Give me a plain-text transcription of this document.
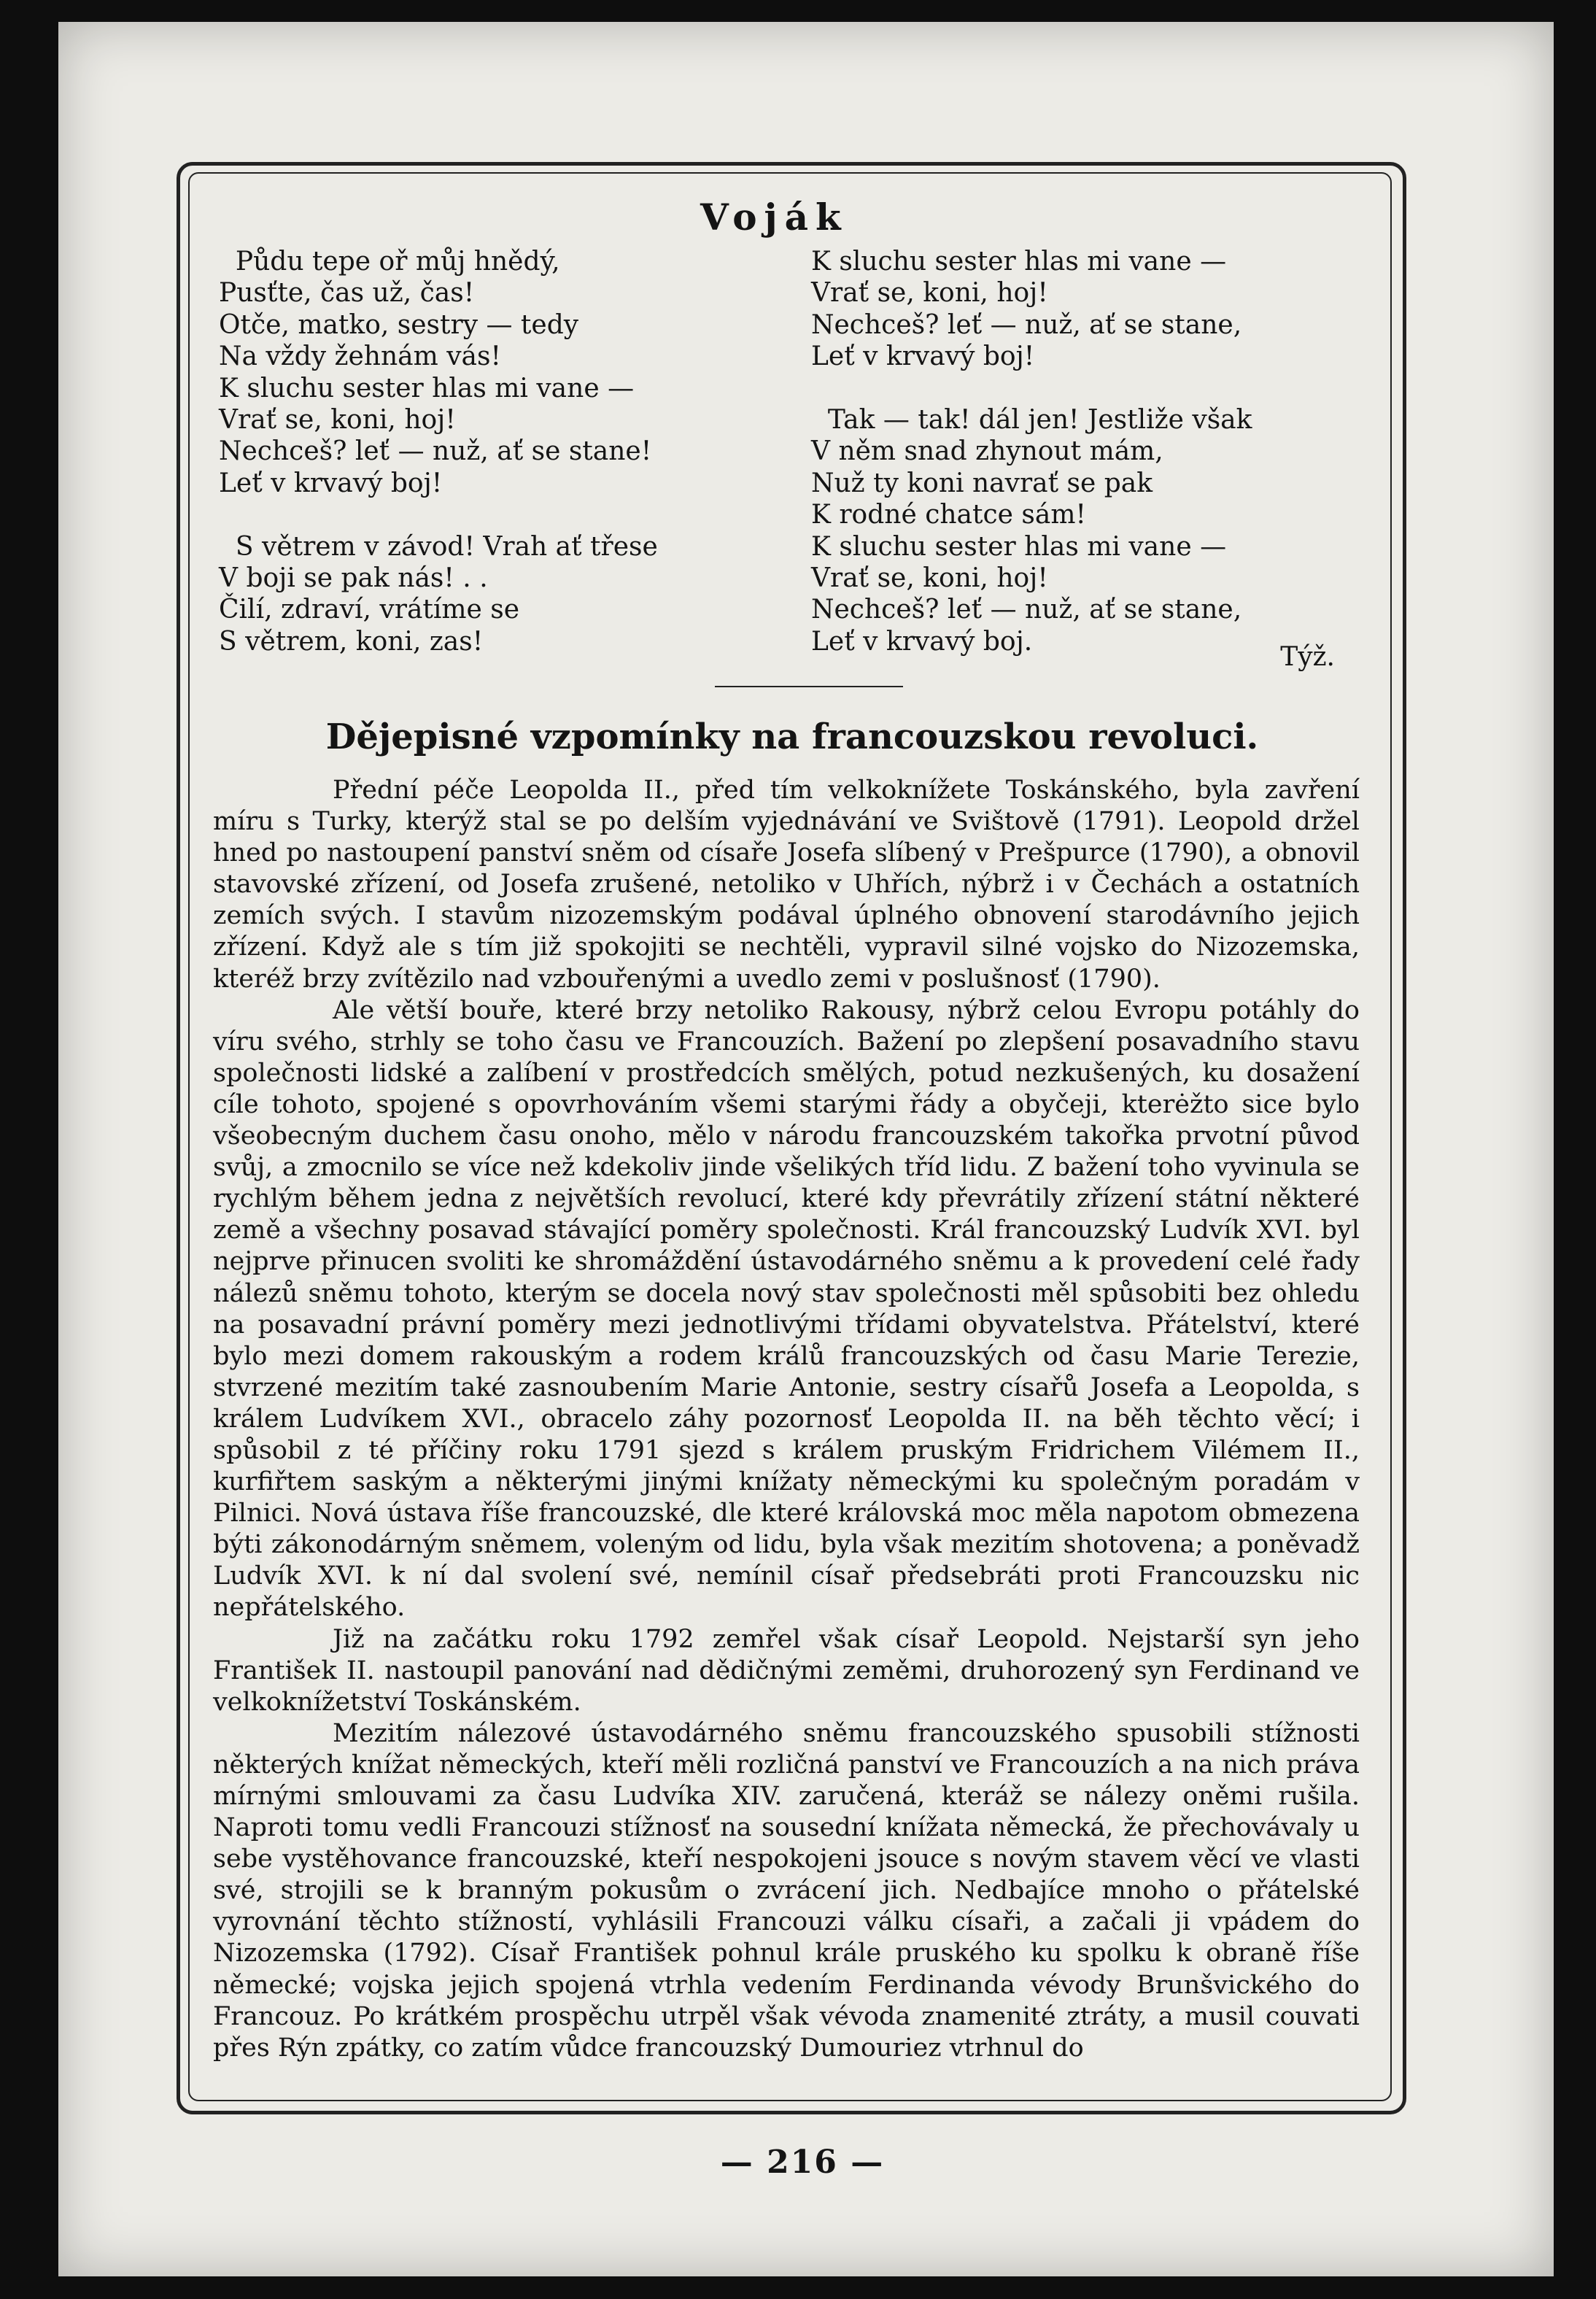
Voják
Půdu tepe oř můj hnědý,
Pusťte, čas už, čas!
Otče, matko, sestry — tedy
Na vždy žehnám vás!
K sluchu sester hlas mi vane —
Vrať se, koni, hoj!
Nechceš? leť — nuž, ať se stane!
Leť v krvavý boj!
S větrem v závod! Vrah ať třese
V boji se pak nás! . .
Čilí, zdraví, vrátíme se
S větrem, koni, zas!
K sluchu sester hlas mi vane —
Vrať se, koni, hoj!
Nechceš? leť — nuž, ať se stane,
Leť v krvavý boj!
Tak — tak! dál jen! Jestliže však
V něm snad zhynout mám,
Nuž ty koni navrať se pak
K rodné chatce sám!
K sluchu sester hlas mi vane —
Vrať se, koni, hoj!
Nechceš? leť — nuž, ať se stane,
Leť v krvavý boj.
Týž.
Dějepisné vzpomínky na francouzskou revoluci.

Přední péče Leopolda II., před tím velkoknížete Toskánského, byla zavření míru s Turky, kterýž stal se po delším vyjednávání ve Svištově (1791). Leopold držel hned po nastoupení panství sněm od císaře Josefa slíbený v Prešpurce (1790), a obnovil stavovské zřízení, od Josefa zrušené, netoliko v Uhřích, nýbrž i v Čechách a ostatních zemích svých. I stavům nizozemským podával úplného obnovení starodávního jejich zřízení. Když ale s tím již spokojiti se nechtěli, vypravil silné vojsko do Nizozemska, kteréž brzy zvítězilo nad vzbouřenými a uvedlo zemi v poslušnosť (1790).

Ale větší bouře, které brzy netoliko Rakousy, nýbrž celou Evropu potáhly do víru svého, strhly se toho času ve Francouzích. Bažení po zlepšení posavadního stavu společnosti lidské a zalíbení v prostředcích smělých, potud nezkušených, ku dosažení cíle tohoto, spojené s opovrhováním všemi starými řády a obyčeji, kterėžto sice bylo všeobecným duchem času onoho, mělo v národu francouzském takořka prvotní původ svůj, a zmocnilo se více než kdekoliv jinde všelikých tříd lidu. Z bažení toho vyvinula se rychlým během jedna z největších revolucí, které kdy převrátily zřízení státní některé země a všechny posavad stávající poměry společnosti. Král francouzský Ludvík XVI. byl nejprve přinucen svoliti ke shromáždění ústavodárného sněmu a k provedení celé řady nálezů sněmu tohoto, kterým se docela nový stav společnosti měl spůsobiti bez ohledu na posavadní právní poměry mezi jednotlivými třídami obyvatelstva. Přátelství, které bylo mezi domem rakouským a rodem králů francouzských od času Marie Terezie, stvrzené mezitím také zasnoubením Marie Antonie, sestry císařů Josefa a Leopolda, s králem Ludvíkem XVI., obracelo záhy pozornosť Leopolda II. na běh těchto věcí; i spůsobil z té příčiny roku 1791 sjezd s králem pruským Fridrichem Vilémem II., kurfiřtem saským a některými jinými knížaty německými ku společným poradám v Pilnici. Nová ústava říše francouzské, dle které královská moc měla napotom obmezena býti zákonodárným sněmem, voleným od lidu, byla však mezitím shotovena; a poněvadž Ludvík XVI. k ní dal svolení své, nemínil císař předsebráti proti Francouzsku nic nepřátelského.

Již na začátku roku 1792 zemřel však císař Leopold. Nejstarší syn jeho František II. nastoupil panování nad dědičnými zeměmi, druhorozený syn Ferdinand ve velkoknížetství Toskánském.

Mezitím nálezové ústavodárného sněmu francouzského spusobili stížnosti některých knížat německých, kteří měli rozličná panství ve Francouzích a na nich práva mírnými smlouvami za času Ludvíka XIV. zaručená, kteráž se nálezy oněmi rušila. Naproti tomu vedli Francouzi stížnosť na sousední knížata německá, že přechovávaly u sebe vystěhovance francouzské, kteří nespokojeni jsouce s novým stavem věcí ve vlasti své, strojili se k branným pokusům o zvrácení jich. Nedbajíce mnoho o přátelské vyrovnání těchto stížností, vyhlásili Francouzi válku císaři, a začali ji vpádem do Nizozemska (1792). Císař František pohnul krále pruského ku spolku k obraně říše německé; vojska jejich spojená vtrhla vedením Ferdinanda vévody Brunšvického do Francouz. Po krátkém prospěchu utrpěl však vévoda znamenité ztráty, a musil couvati přes Rýn zpátky, co zatím vůdce francouzský Dumouriez vtrhnul do

— 216 —
